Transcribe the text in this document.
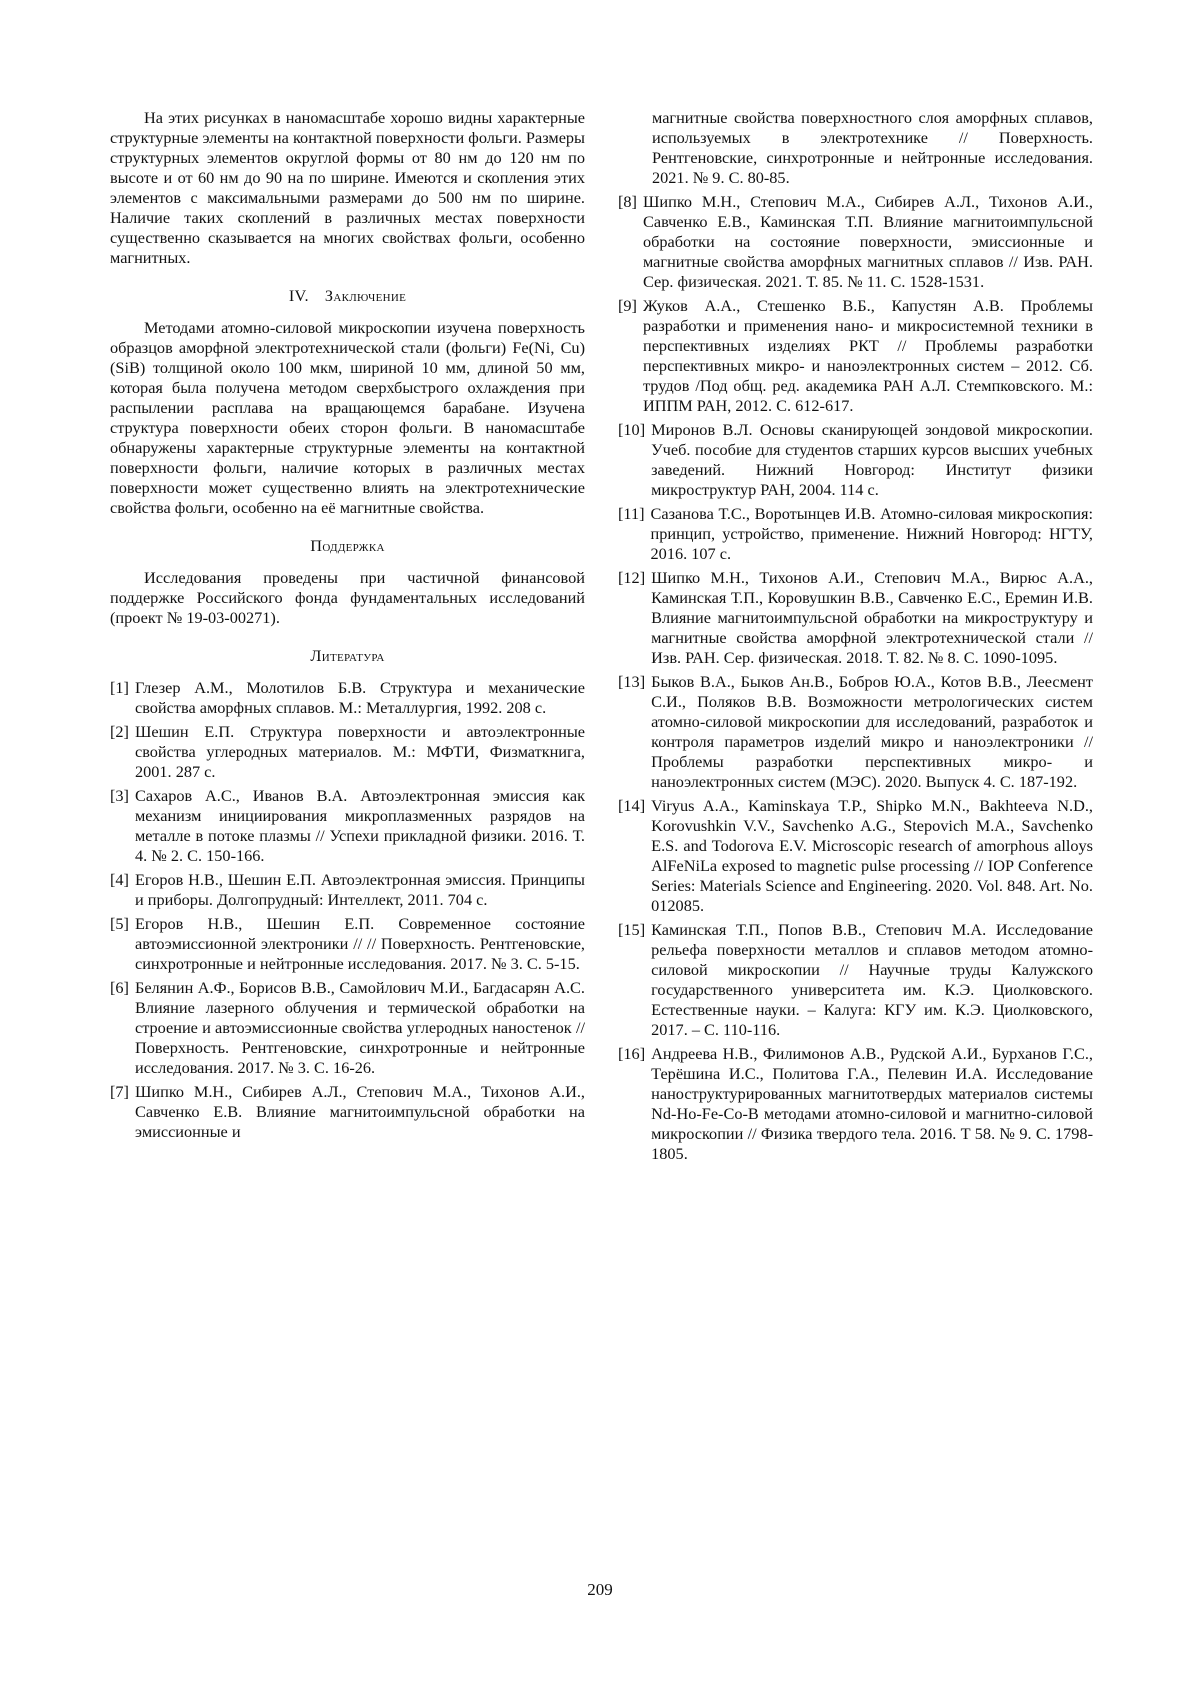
На этих рисунках в наномасштабе хорошо видны характерные структурные элементы на контактной поверхности фольги. Размеры структурных элементов округлой формы от 80 нм до 120 нм по высоте и от 60 нм до 90 на по ширине. Имеются и скопления этих элементов с максимальными размерами до 500 нм по ширине. Наличие таких скоплений в различных местах поверхности существенно сказывается на многих свойствах фольги, особенно магнитных.

IV. Заключение

Методами атомно-силовой микроскопии изучена поверхность образцов аморфной электротехнической стали (фольги) Fe(Ni, Cu)(SiB) толщиной около 100 мкм, шириной 10 мм, длиной 50 мм, которая была получена методом сверхбыстрого охлаждения при распылении расплава на вращающемся барабане. Изучена структура поверхности обеих сторон фольги. В наномасштабе обнаружены характерные структурные элементы на контактной поверхности фольги, наличие которых в различных местах поверхности может существенно влиять на электротехнические свойства фольги, особенно на её магнитные свойства.

Поддержка

Исследования проведены при частичной финансовой поддержке Российского фонда фундаментальных исследований (проект № 19-03-00271).

Литература
[1] Глезер А.М., Молотилов Б.В. Структура и механические свойства аморфных сплавов. М.: Металлургия, 1992. 208 с.
[2] Шешин Е.П. Структура поверхности и автоэлектронные свойства углеродных материалов. М.: МФТИ, Физматкнига, 2001. 287 с.
[3] Сахаров А.С., Иванов В.А. Автоэлектронная эмиссия как механизм инициирования микроплазменных разрядов на металле в потоке плазмы // Успехи прикладной физики. 2016. Т. 4. № 2. С. 150-166.
[4] Егоров Н.В., Шешин Е.П. Автоэлектронная эмиссия. Принципы и приборы. Долгопрудный: Интеллект, 2011. 704 с.
[5] Егоров Н.В., Шешин Е.П. Современное состояние автоэмиссионной электроники // // Поверхность. Рентгеновские, синхротронные и нейтронные исследования. 2017. № 3. С. 5-15.
[6] Белянин А.Ф., Борисов В.В., Самойлович М.И., Багдасарян А.С. Влияние лазерного облучения и термической обработки на строение и автоэмиссионные свойства углеродных наностенок // Поверхность. Рентгеновские, синхротронные и нейтронные исследования. 2017. № 3. С. 16-26.
[7] Шипко М.Н., Сибирев А.Л., Степович М.А., Тихонов А.И., Савченко Е.В. Влияние магнитоимпульсной обработки на эмиссионные и
магнитные свойства поверхностного слоя аморфных сплавов, используемых в электротехнике // Поверхность. Рентгеновские, синхротронные и нейтронные исследования. 2021. № 9. С. 80-85.
[8] Шипко М.Н., Степович М.А., Сибирев А.Л., Тихонов А.И., Савченко Е.В., Каминская Т.П. Влияние магнитоимпульсной обработки на состояние поверхности, эмиссионные и магнитные свойства аморфных магнитных сплавов // Изв. РАН. Сер. физическая. 2021. Т. 85. № 11. С. 1528-1531.
[9] Жуков А.А., Стешенко В.Б., Капустян А.В. Проблемы разработки и применения нано- и микросистемной техники в перспективных изделиях РКТ // Проблемы разработки перспективных микро- и наноэлектронных систем – 2012. Сб. трудов /Под общ. ред. академика РАН А.Л. Стемпковского. М.: ИППМ РАН, 2012. С. 612-617.
[10] Миронов В.Л. Основы сканирующей зондовой микроскопии. Учеб. пособие для студентов старших курсов высших учебных заведений. Нижний Новгород: Институт физики микроструктур РАН, 2004. 114 с.
[11] Сазанова Т.С., Воротынцев И.В. Атомно-силовая микроскопия: принцип, устройство, применение. Нижний Новгород: НГТУ, 2016. 107 с.
[12] Шипко М.Н., Тихонов А.И., Степович М.А., Вирюс А.А., Каминская Т.П., Коровушкин В.В., Савченко Е.С., Еремин И.В. Влияние магнитоимпульсной обработки на микроструктуру и магнитные свойства аморфной электротехнической стали // Изв. РАН. Сер. физическая. 2018. Т. 82. № 8. С. 1090-1095.
[13] Быков В.А., Быков Ан.В., Бобров Ю.А., Котов В.В., Леесмент С.И., Поляков В.В. Возможности метрологических систем атомно-силовой микроскопии для исследований, разработок и контроля параметров изделий микро и наноэлектроники // Проблемы разработки перспективных микро- и наноэлектронных систем (МЭС). 2020. Выпуск 4. С. 187-192.
[14] Viryus A.A., Kaminskaya T.P., Shipko M.N., Bakhteeva N.D., Korovushkin V.V., Savchenko A.G., Stepovich M.A., Savchenko E.S. and Todorova E.V. Microscopic research of amorphous alloys AlFeNiLa exposed to magnetic pulse processing // IOP Conference Series: Materials Science and Engineering. 2020. Vol. 848. Art. No. 012085.
[15] Каминская Т.П., Попов В.В., Степович М.А. Исследование рельефа поверхности металлов и сплавов методом атомно-силовой микроскопии // Научные труды Калужского государственного университета им. К.Э. Циолковского. Естественные науки. – Калуга: КГУ им. К.Э. Циолковского, 2017. – С. 110-116.
[16] Андреева Н.В., Филимонов А.В., Рудской А.И., Бурханов Г.С., Терёшина И.С., Политова Г.А., Пелевин И.А. Исследование наноструктурированных магнитотвердых материалов системы Nd-Ho-Fe-Co-B методами атомно-силовой и магнитно-силовой микроскопии // Физика твердого тела. 2016. Т 58. № 9. С. 1798-1805.
209
